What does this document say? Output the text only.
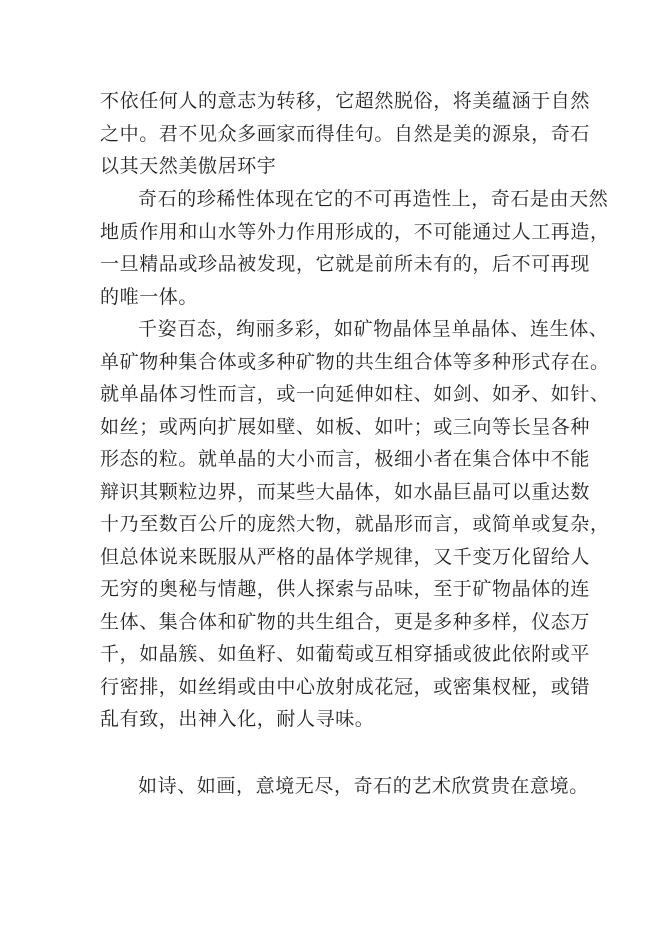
不依任何人的意志为转移，它超然脱俗，将美蕴涵于自然
之中。君不见众多画家而得佳句。自然是美的源泉，奇石
以其天然美傲居环宇
奇石的珍稀性体现在它的不可再造性上，奇石是由天然
地质作用和山水等外力作用形成的，不可能通过人工再造，
一旦精品或珍品被发现，它就是前所未有的，后不可再现
的唯一体。
千姿百态，绚丽多彩，如矿物晶体呈单晶体、连生体、
单矿物种集合体或多种矿物的共生组合体等多种形式存在。
就单晶体习性而言，或一向延伸如柱、如剑、如矛、如针、
如丝；或两向扩展如壁、如板、如叶；或三向等长呈各种
形态的粒。就单晶的大小而言，极细小者在集合体中不能
辩识其颗粒边界，而某些大晶体，如水晶巨晶可以重达数
十乃至数百公斤的庞然大物，就晶形而言，或简单或复杂，
但总体说来既服从严格的晶体学规律，又千变万化留给人
无穷的奥秘与情趣，供人探索与品味，至于矿物晶体的连
生体、集合体和矿物的共生组合，更是多种多样，仪态万
千，如晶簇、如鱼籽、如葡萄或互相穿插或彼此依附或平
行密排，如丝绢或由中心放射成花冠，或密集杈桠，或错
乱有致，出神入化，耐人寻味。
如诗、如画，意境无尽，奇石的艺术欣赏贵在意境。
